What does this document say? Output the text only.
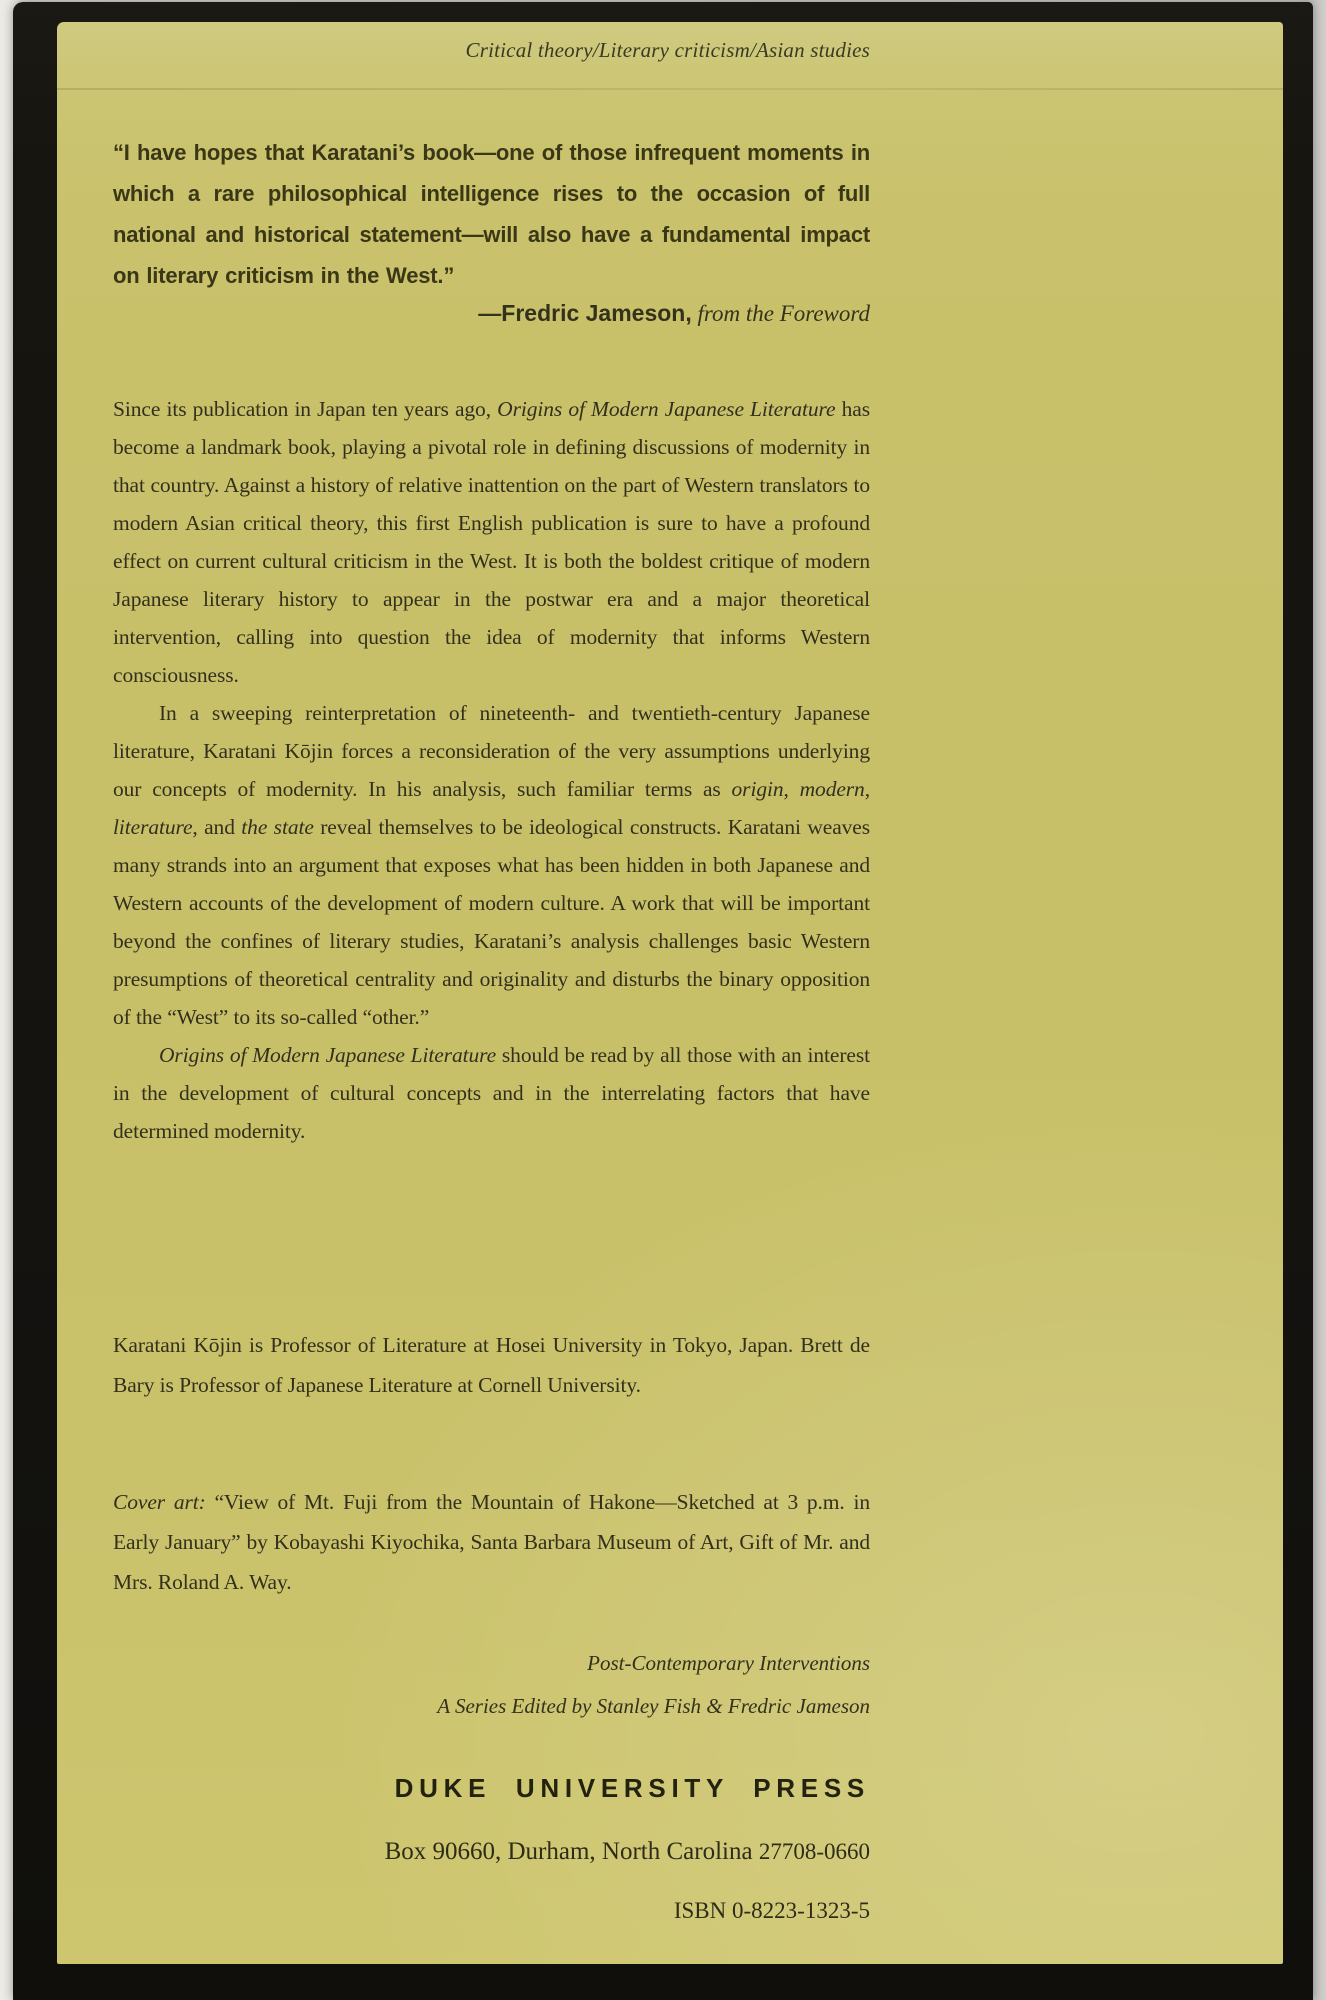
Critical theory/Literary criticism/Asian studies
“I have hopes that Karatani’s book—one of those infrequent moments in which a rare philosophical intelligence rises to the occasion of full national and historical statement—will also have a fundamental impact on literary criticism in the West.”
—Fredric Jameson, from the Foreword

Since its publication in Japan ten years ago, Origins of Modern Japanese Literature has become a landmark book, playing a pivotal role in defining discussions of modernity in that country. Against a history of relative inattention on the part of Western translators to modern Asian critical theory, this first English publication is sure to have a profound effect on current cultural criticism in the West. It is both the boldest critique of modern Japanese literary history to appear in the postwar era and a major theoretical intervention, calling into question the idea of modernity that informs Western consciousness.

In a sweeping reinterpretation of nineteenth- and twentieth-century Japanese literature, Karatani Kōjin forces a reconsideration of the very assumptions underlying our concepts of modernity. In his analysis, such familiar terms as origin, modern, literature, and the state reveal themselves to be ideological constructs. Karatani weaves many strands into an argument that exposes what has been hidden in both Japanese and Western accounts of the development of modern culture. A work that will be important beyond the confines of literary studies, Karatani’s analysis challenges basic Western presumptions of theoretical centrality and originality and disturbs the binary opposition of the “West” to its so-called “other.”

Origins of Modern Japanese Literature should be read by all those with an interest in the development of cultural concepts and in the interrelating factors that have determined modernity.

Karatani Kōjin is Professor of Literature at Hosei University in Tokyo, Japan. Brett de Bary is Professor of Japanese Literature at Cornell University.
Cover art: “View of Mt. Fuji from the Mountain of Hakone—Sketched at 3 p.m. in Early January” by Kobayashi Kiyochika, Santa Barbara Museum of Art, Gift of Mr. and Mrs. Roland A. Way.
Post-Contemporary Interventions
A Series Edited by Stanley Fish & Fredric Jameson
DUKE UNIVERSITY PRESS
Box 90660, Durham, North Carolina 27708-0660
ISBN 0-8223-1323-5
